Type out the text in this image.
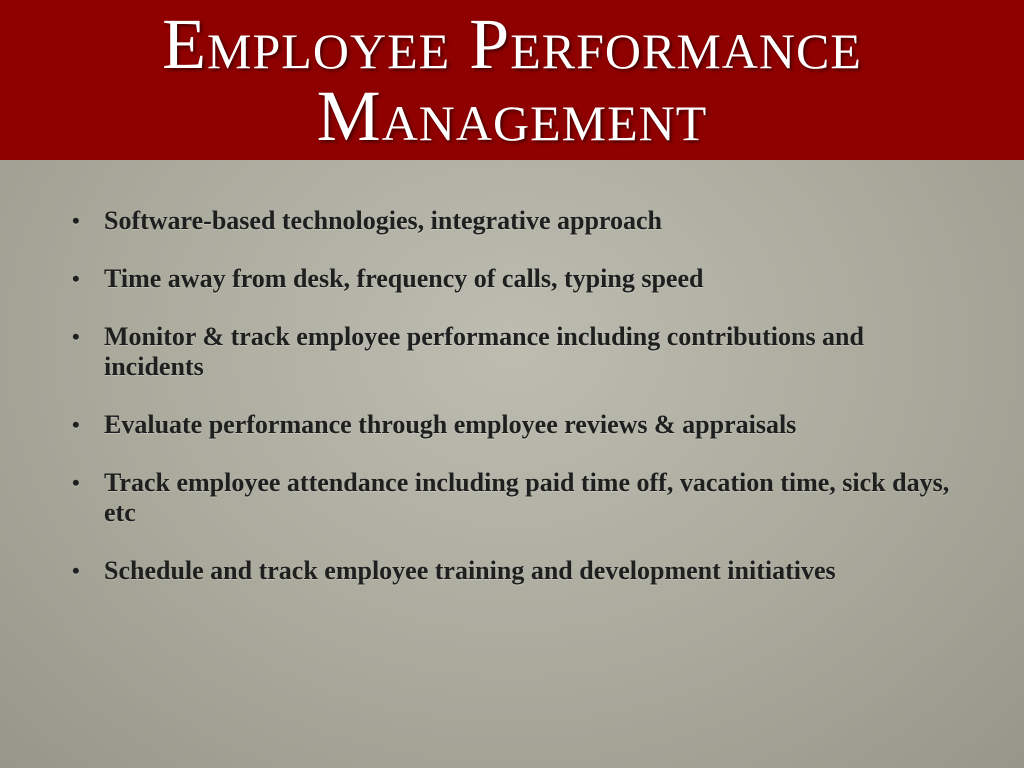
Employee Performance Management
• Software-based technologies, integrative approach
• Time away from desk, frequency of calls, typing speed
• Monitor & track employee performance including contributions and incidents
• Evaluate performance through employee reviews & appraisals
• Track employee attendance including paid time off, vacation time, sick days, etc
• Schedule and track employee training and development initiatives
